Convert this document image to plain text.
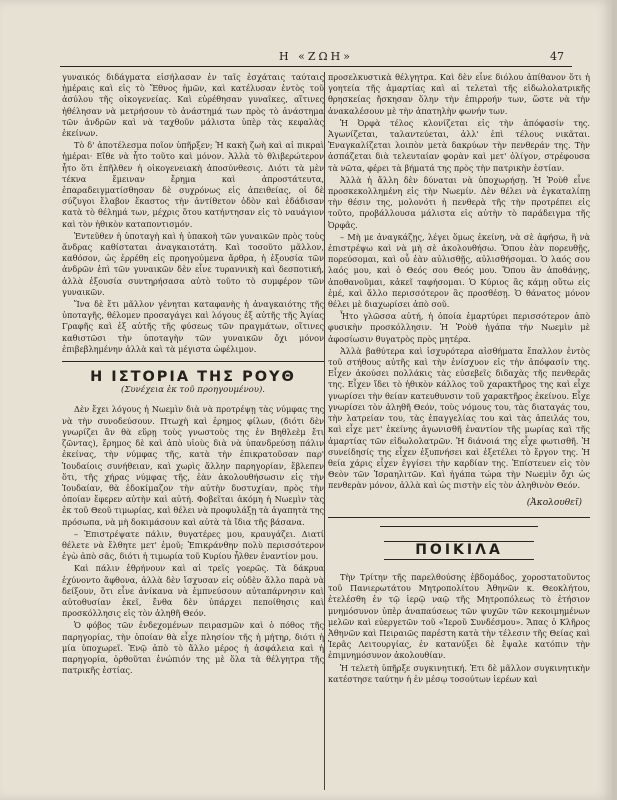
Η «ΖΩΗ»	47

γυναικός διδάγματα εἰσήλασαν ἐν ταῖς ἐσχάταις ταύταις ἡμέραις καὶ εἰς τὸ Ἔθνος ἡμῶν, καὶ κατέλυσαν ἐντὸς τοῦ ἀσύλου τῆς οἰκογενείας. Καὶ εὑρέθησαν γυναῖκες, αἵτινες ἠθέλησαν νὰ μετρήσουν τὸ ἀνάστημά των πρὸς τὸ ἀνάστημα τῶν ἀνδρῶν καὶ νὰ ταχθοῦν μάλιστα ὑπὲρ τὰς κεφαλὰς ἐκείνων.

Τὸ δ' ἀποτέλεσμα ποῖον ὑπῆρξεν; Ἡ κακὴ ζωὴ καὶ αἱ πικραὶ ἡμέραι· Εἴθε νὰ ἦτο τοῦτο καὶ μόνον. Ἀλλὰ τὸ θλιβερώτερον ἦτο ὅτι ἐπῆλθεν ἡ οἰκογενειακὴ ἀποσύνθεσις. Διότι τὰ μὲν τέκνα ἔμειναν ἔρημα καὶ ἀπροστάτευτα, ἐπαραδειγματίσθησαν δὲ συχρόνως εἰς ἀπειθείας, οἱ δὲ σύζυγοι ἔλαβον ἕκαστος τὴν ἀντίθετον ὁδὸν καὶ ἐδάδισαν κατὰ τὸ θέλημά των, μέχρις ὅτου κατήντησαν εἰς τὸ ναυάγιον καὶ τὸν ἠθικὸν καταποντισμόν.

Ἐντεῦθεν ἡ ὑποταγὴ καὶ ἡ ὑπακοὴ τῶν γυναικῶν πρὸς τοὺς ἄνδρας καθίσταται ἀναγκαιοτάτη. Καὶ τοσοῦτο μᾶλλον, καθόσον, ὡς ἐρρέθη εἰς προηγούμενα ἄρθρα, ἡ ἐξουσία τῶν ἀνδρῶν ἐπὶ τῶν γυναικῶν δὲν εἶνε τυραννικὴ καὶ δεσποτική, ἀλλὰ ἐξουσία συντηρήσασα αὐτὸ τοῦτο τὸ συμφέρον τῶν γυναικῶν.

Ἵνα δὲ ἔτι μᾶλλον γένηται καταφανὴς ἡ ἀναγκαιότης τῆς ὑποταγῆς, θέλομεν προσαγάγει καὶ λόγους ἐξ αὐτῆς τῆς Ἁγίας Γραφῆς καὶ ἐξ αὐτῆς τῆς φύσεως τῶν πραγμάτων, οἵτινες καθιστῶσι τὴν ὑποταγὴν τῶν γυναικῶν ὄχι μόνον ἐπιβεβλημένην ἀλλὰ καὶ τὰ μέγιστα ὠφέλιμον.

Η ΙΣΤΟΡΙΑ ΤΗΣ ΡΟΥΘ
(Συνέχεια ἐκ τοῦ προηγουμένου).

Δὲν ἔχει λόγους ἡ Νωεμὶν διὰ νὰ προτρέψῃ τὰς νύμφας της νὰ τὴν συνοδεύσουν. Πτωχὴ καὶ ἐρημος φίλων, (διότι δὲν γνωρίζει ἂν θὰ εὕρῃ τοὺς γνωστοὺς της ἐν Βηθλεὲμ ἔτι ζῶντας), ἔρημος δὲ καὶ ἀπὸ υἱοὺς διὰ νὰ ὑπανδρεύσῃ πάλιν ἐκείνας, τὴν νύμφας τῆς, κατὰ τὴν ἐπικρατοῦσαν παρ' Ἰουδαίοις συνήθειαν, καὶ χωρὶς ἄλλην παρηγορίαν, ἔβλεπεν ὅτι, τῆς χήρας νύμφας τῆς, ἐὰν ἀκολουθήσωσιν εἰς τὴν Ἰουδαίαν, θὰ ἐδοκίμαζον τὴν αὐτὴν δυστυχίαν, πρὸς τὴν ὁποίαν ἔφερεν αὐτὴν καὶ αὐτή. Φοβεῖται ἀκόμη ἡ Νωεμὶν τὰς ἐκ τοῦ Θεοῦ τιμωρίας, καὶ θέλει νὰ προφυλάξῃ τὰ ἀγαπητὰ της πρόσωπα, νὰ μὴ δοκιμάσουν καὶ αὐτὰ τὰ ἴδια τῆς βάσανα.

– Ἐπιστρέψατε πάλιν, θυγατέρες μου, κραυγάζει. Διατί θέλετε νὰ ἔλθητε μετ' ἐμοῦ; Ἐπικράνθην πολὺ περισσότερον ἐγὼ ἀπὸ σᾶς, διότι ἡ τιμωρία τοῦ Κυρίου ἦλθεν ἐναντίον μου.

Καὶ πάλιν ἐθρήνουν καὶ αἱ τρεῖς γοερῶς. Τὰ δάκρυα ἐχύνοντο ἄφθονα, ἀλλὰ δὲν ἴσχυσαν εἰς οὐδὲν ἄλλο παρὰ νὰ δείξουν, ὅτι εἶνε ἀνίκανα νὰ ἐμπνεύσουν αὐταπάρνησιν καὶ αὐτοθυσίαν ἐκεῖ, ἔνθα δὲν ὑπάρχει πεποίθησις καὶ προσκόλλησις εἰς τὸν ἀληθῆ Θεόν.

Ὁ φόβος τῶν ἐνδεχομένων πειρασμῶν καὶ ὁ πόθος τῆς παρηγορίας, τὴν ὁποίαν θὰ εἶχε πλησίον τῆς ἡ μήτηρ, διότι ἡ μία ὑποχωρεῖ. Ἐνῷ ἀπὸ τὸ ἄλλο μέρος ἡ ἀσφάλεια καὶ ἡ παρηγορία, ὀρθοῦται ἐνώπιόν της μὲ ὅλα τὰ θέλγητρα τῆς πατρικῆς ἑστίας.

προσελκυστικὰ θέλγητρα. Καὶ δὲν εἶνε διόλου ἀπίθανον ὅτι ἡ γοητεία τῆς ἁμαρτίας καὶ αἱ τελεταὶ τῆς εἰδωλολατρικῆς θρησκείας ἤσκησαν ὅλην τὴν ἐπιρροήν των, ὥστε νὰ τὴν ἀνακαλέσουν μὲ τὴν ἀπατηλὴν φωνήν των.

Ἡ Ὀρφὰ τέλος κλονίζεται εἰς τὴν ἀπόφασίν της. Ἀγωνίζεται, ταλαντεύεται, ἀλλ' ἐπὶ τέλους νικᾶται. Ἐναγκαλίζεται λοιπὸν μετὰ δακρύων τὴν πενθεράν της. Τὴν ἀσπάζεται διὰ τελευταίαν φορὰν καὶ μετ' ὀλίγον, στρέφουσα τὰ νῶτα, φέρει τὰ βήματά της πρὸς τὴν πατρικὴν ἑστίαν.

Ἀλλὰ ἡ ἄλλη δὲν δύναται νὰ ὑποχωρήσῃ. Ἡ Ῥοὺθ εἶνε προσκεκολλημένη εἰς τὴν Νωεμίν. Δὲν θέλει νὰ ἐγκαταλίπῃ τὴν θέσιν της, μολονότι ἡ πενθερὰ τῆς τὴν προτρέπει εἰς τοῦτο, προβάλλουσα μάλιστα εἰς αὐτὴν τὸ παράδειγμα τῆς Ὀρφᾶς.

– Μὴ με ἀναγκάζῃς, λέγει ὅμως ἐκείνη, νὰ σὲ ἀφήσω, ἢ νὰ ἐπιστρέψω καὶ νὰ μὴ σὲ ἀκολουθήσω. Ὅπου ἐὰν πορευθῇς, πορεύσομαι, καὶ οὗ ἐὰν αὐλισθῇς, αὐλισθήσομαι. Ὁ λαός σου λαός μου, καὶ ὁ Θεός σου Θεός μου. Ὅπου ἂν ἀποθάνῃς, ἀποθανοῦμαι, κἀκεῖ ταφήσομαι. Ὁ Κύριος ἂς κάμῃ οὕτω εἰς ἐμέ, καὶ ἄλλο περισσότερον ἂς προσθέσῃ. Ὁ θάνατος μόνον θέλει μὲ διαχωρίσει ἀπὸ σοῦ.

Ἦτο γλῶσσα αὐτή, ἡ ὁποία ἐμαρτύρει περισσότερον ἀπὸ φυσικὴν προσκόλλησιν. Ἡ Ῥοὺθ ἠγάπα τὴν Νωεμὶν μὲ ἀφοσίωσιν θυγατρὸς πρὸς μητέρα.

Ἀλλὰ βαθύτερα καὶ ἰσχυρότερα αἰσθήματα ἔπαλλον ἐντὸς τοῦ στήθους αὐτῆς καὶ τὴν ἐνίσχυον εἰς τὴν ἀπόφασίν της. Εἶχεν ἀκούσει πολλάκις τὰς εὐσεβεῖς διδαχὰς τῆς πενθερᾶς της. Εἶχεν ἴδει τὸ ἠθικὸν κάλλος τοῦ χαρακτῆρος της καὶ εἶχε γνωρίσει τὴν θείαν κατευθυνσιν τοῦ χαρακτῆρος ἐκείνου. Εἶχε γνωρίσει τὸν ἀληθῆ Θεόν, τοὺς νόμους του, τὰς διαταγάς του, τὴν λατρείαν του, τὰς ἐπαγγελίας του καὶ τὰς ἀπειλάς του, καὶ εἶχε μετ' ἐκείνης ἀγωνισθῆ ἐναντίον τῆς μωρίας καὶ τῆς ἁμαρτίας τῶν εἰδωλολατρῶν. Ἡ διάνοιά της εἶχε φωτισθῆ. Ἡ συνείδησίς της εἶχεν ἐξυπνήσει καὶ ἐξετέλει τὸ ἔργον της. Ἡ θεία χάρις εἶχεν ἐγγίσει τὴν καρδίαν της. Ἐπίστευεν εἰς τὸν Θεὸν τῶν Ἰσραηλιτῶν. Καὶ ἠγάπα τώρα τὴν Νωεμὶν ὄχι ὡς πενθερὰν μόνον, ἀλλὰ καὶ ὡς πιστὴν εἰς τὸν ἀληθινὸν Θεόν.

(Ἀκολουθεῖ)
ΠΟΙΚΙΛΑ

Τὴν Τρίτην τῆς παρελθούσης ἑβδομάδος, χοροστατοῦντος τοῦ Πανιερωτάτου Μητροπολίτου Ἀθηνῶν κ. Θεοκλήτου, ἐτελέσθη ἐν τῷ ἱερῷ ναῷ τῆς Μητροπόλεως τὸ ἐτήσιον μνημόσυνον ὑπὲρ ἀναπαύσεως τῶν ψυχῶν τῶν κεκοιμημένων μελῶν καὶ εὐεργετῶν τοῦ «Ἱεροῦ Συνδέσμου». Ἅπας ὁ Κλῆρος Ἀθηνῶν καὶ Πειραιῶς παρέστη κατὰ τὴν τέλεσιν τῆς Θείας καὶ Ἱερᾶς Λειτουργίας, ἐν κατανύξει δὲ ἔψαλε κατόπιν τὴν ἐπιμνημόσυνον ἀκολουθίαν.

Ἡ τελετὴ ὑπῆρξε συγκινητική. Ἐτι δὲ μᾶλλον συγκινητικὴν κατέστησε ταύτην ἡ ἐν μέσῳ τοσούτων ἱερέων καὶ
